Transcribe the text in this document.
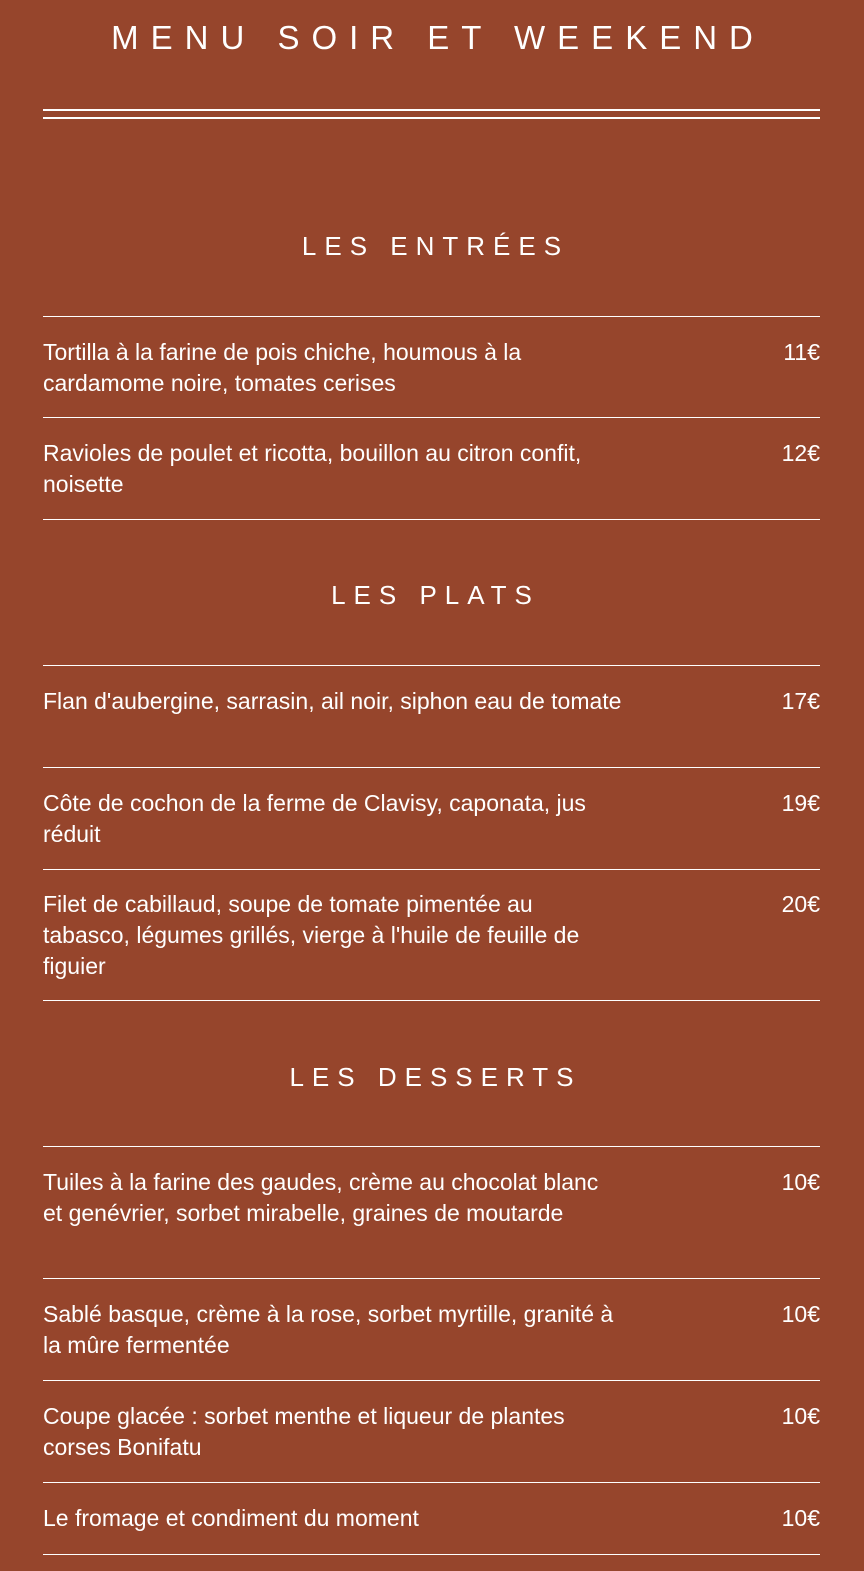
MENU SOIR ET WEEKEND
LES ENTRÉES
Tortilla à la farine de pois chiche, houmous à la cardamome noire, tomates cerises
11€
Ravioles de poulet et ricotta, bouillon au citron confit, noisette
12€
LES PLATS
Flan d'aubergine, sarrasin, ail noir, siphon eau de tomate	17€
Côte de cochon de la ferme de Clavisy, caponata, jus réduit
19€
Filet de cabillaud, soupe de tomate pimentée au tabasco, légumes grillés, vierge à l'huile de feuille de figuier
20€
LES DESSERTS
Tuiles à la farine des gaudes, crème au chocolat blanc et genévrier, sorbet mirabelle, graines de moutarde
10€
Sablé basque, crème à la rose, sorbet myrtille, granité à la mûre fermentée
10€
Coupe glacée : sorbet menthe et liqueur de plantes corses Bonifatu
10€
Le fromage et condiment du moment	10€
